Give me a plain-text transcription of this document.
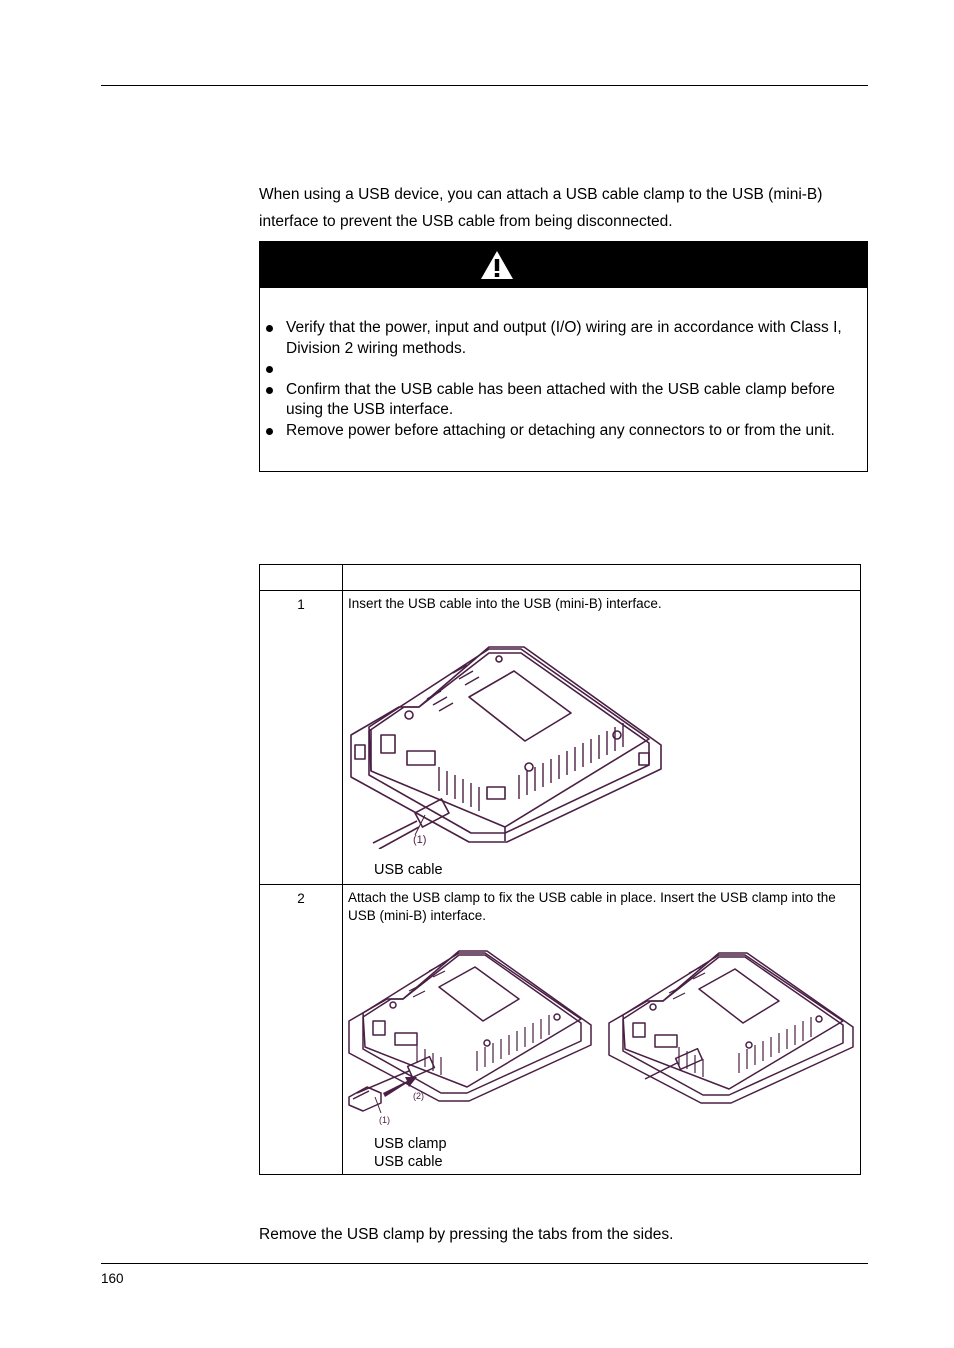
When using a USB device, you can attach a USB cable clamp to the USB (mini-B) interface to prevent the USB cable from being disconnected.

Verify that the power, input and output (I/O) wiring are in accordance with Class I, Division 2 wiring methods.
Confirm that the USB cable has been attached with the USB cable clamp before using the USB interface.
Remove power before attaching or detaching any connectors to or from the unit.

1	Insert the USB cable into the USB (mini-B) interface.
(1)
USB cable

2	Attach the USB clamp to fix the USB cable in place. Insert the USB clamp into the USB (mini-B) interface.
(2)
(1)
USB clamp
USB cable
Remove the USB clamp by pressing the tabs from the sides.
160
